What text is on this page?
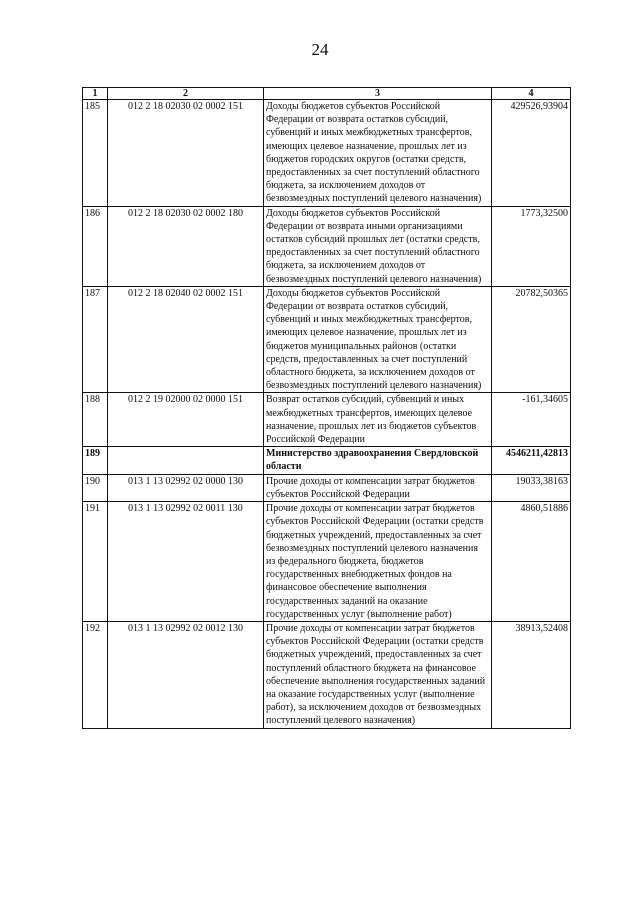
24
1	2	3	4
185	012 2 18 02030 02 0002 151	Доходы бюджетов субъектов Российской Федерации от возврата остатков субсидий, субвенций и иных межбюджетных трансфертов, имеющих целевое назначение, прошлых лет из бюджетов городских округов (остатки средств, предоставленных за счет поступлений областного бюджета, за исключением доходов от безвозмездных поступлений целевого назначения)	429526,93904
186	012 2 18 02030 02 0002 180	Доходы бюджетов субъектов Российской Федерации от возврата иными организациями остатков субсидий прошлых лет (остатки средств, предоставленных за счет поступлений областного бюджета, за исключением доходов от безвозмездных поступлений целевого назначения)	1773,32500
187	012 2 18 02040 02 0002 151	Доходы бюджетов субъектов Российской Федерации от возврата остатков субсидий, субвенций и иных межбюджетных трансфертов, имеющих целевое назначение, прошлых лет из бюджетов муниципальных районов (остатки средств, предоставленных за счет поступлений областного бюджета, за исключением доходов от безвозмездных поступлений целевого назначения)	20782,50365
188	012 2 19 02000 02 0000 151	Возврат остатков субсидий, субвенций и иных межбюджетных трансфертов, имеющих целевое назначение, прошлых лет из бюджетов субъектов Российской Федерации	-161,34605
189		Министерство здравоохранения Свердловской области	4546211,42813
190	013 1 13 02992 02 0000 130	Прочие доходы от компенсации затрат бюджетов субъектов Российской Федерации	19033,38163
191	013 1 13 02992 02 0011 130	Прочие доходы от компенсации затрат бюджетов субъектов Российской Федерации (остатки средств бюджетных учреждений, предоставленных за счет безвозмездных поступлений целевого назначения из федерального бюджета, бюджетов государственных внебюджетных фондов на финансовое обеспечение выполнения государственных заданий на оказание государственных услуг (выполнение работ)	4860,51886
192	013 1 13 02992 02 0012 130	Прочие доходы от компенсации затрат бюджетов субъектов Российской Федерации (остатки средств бюджетных учреждений, предоставленных за счет поступлений областного бюджета на финансовое обеспечение выполнения государственных заданий на оказание государственных услуг (выполнение работ), за исключением доходов от безвозмездных поступлений целевого назначения)	38913,52408
